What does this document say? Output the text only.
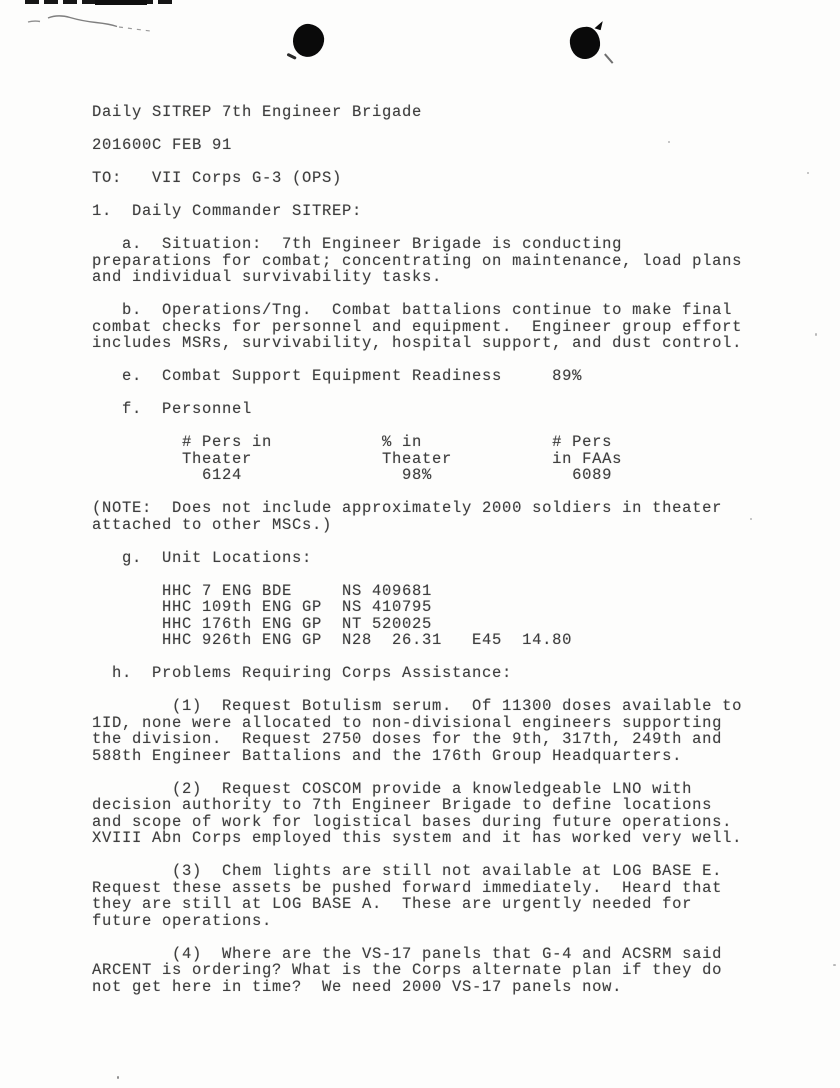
Daily SITREP 7th Engineer Brigade
201600C FEB 91
TO:   VII Corps G-3 (OPS)
1.  Daily Commander SITREP:
a.  Situation:  7th Engineer Brigade is conducting
preparations for combat; concentrating on maintenance, load plans
and individual survivability tasks.
b.  Operations/Tng.  Combat battalions continue to make final
combat checks for personnel and equipment.  Engineer group effort
includes MSRs, survivability, hospital support, and dust control.
e.  Combat Support Equipment Readiness     89%
f.  Personnel
# Pers in           % in             # Pers
Theater             Theater          in FAAs
6124                98%              6089
(NOTE:  Does not include approximately 2000 soldiers in theater
attached to other MSCs.)
g.  Unit Locations:
HHC 7 ENG BDE     NS 409681
HHC 109th ENG GP  NS 410795
HHC 176th ENG GP  NT 520025
HHC 926th ENG GP  N28  26.31   E45  14.80
h.  Problems Requiring Corps Assistance:
(1)  Request Botulism serum.  Of 11300 doses available to
1ID, none were allocated to non-divisional engineers supporting
the division.  Request 2750 doses for the 9th, 317th, 249th and
588th Engineer Battalions and the 176th Group Headquarters.
(2)  Request COSCOM provide a knowledgeable LNO with
decision authority to 7th Engineer Brigade to define locations
and scope of work for logistical bases during future operations.
XVIII Abn Corps employed this system and it has worked very well.
(3)  Chem lights are still not available at LOG BASE E.
Request these assets be pushed forward immediately.  Heard that
they are still at LOG BASE A.  These are urgently needed for
future operations.
(4)  Where are the VS-17 panels that G-4 and ACSRM said
ARCENT is ordering? What is the Corps alternate plan if they do
not get here in time?  We need 2000 VS-17 panels now.
